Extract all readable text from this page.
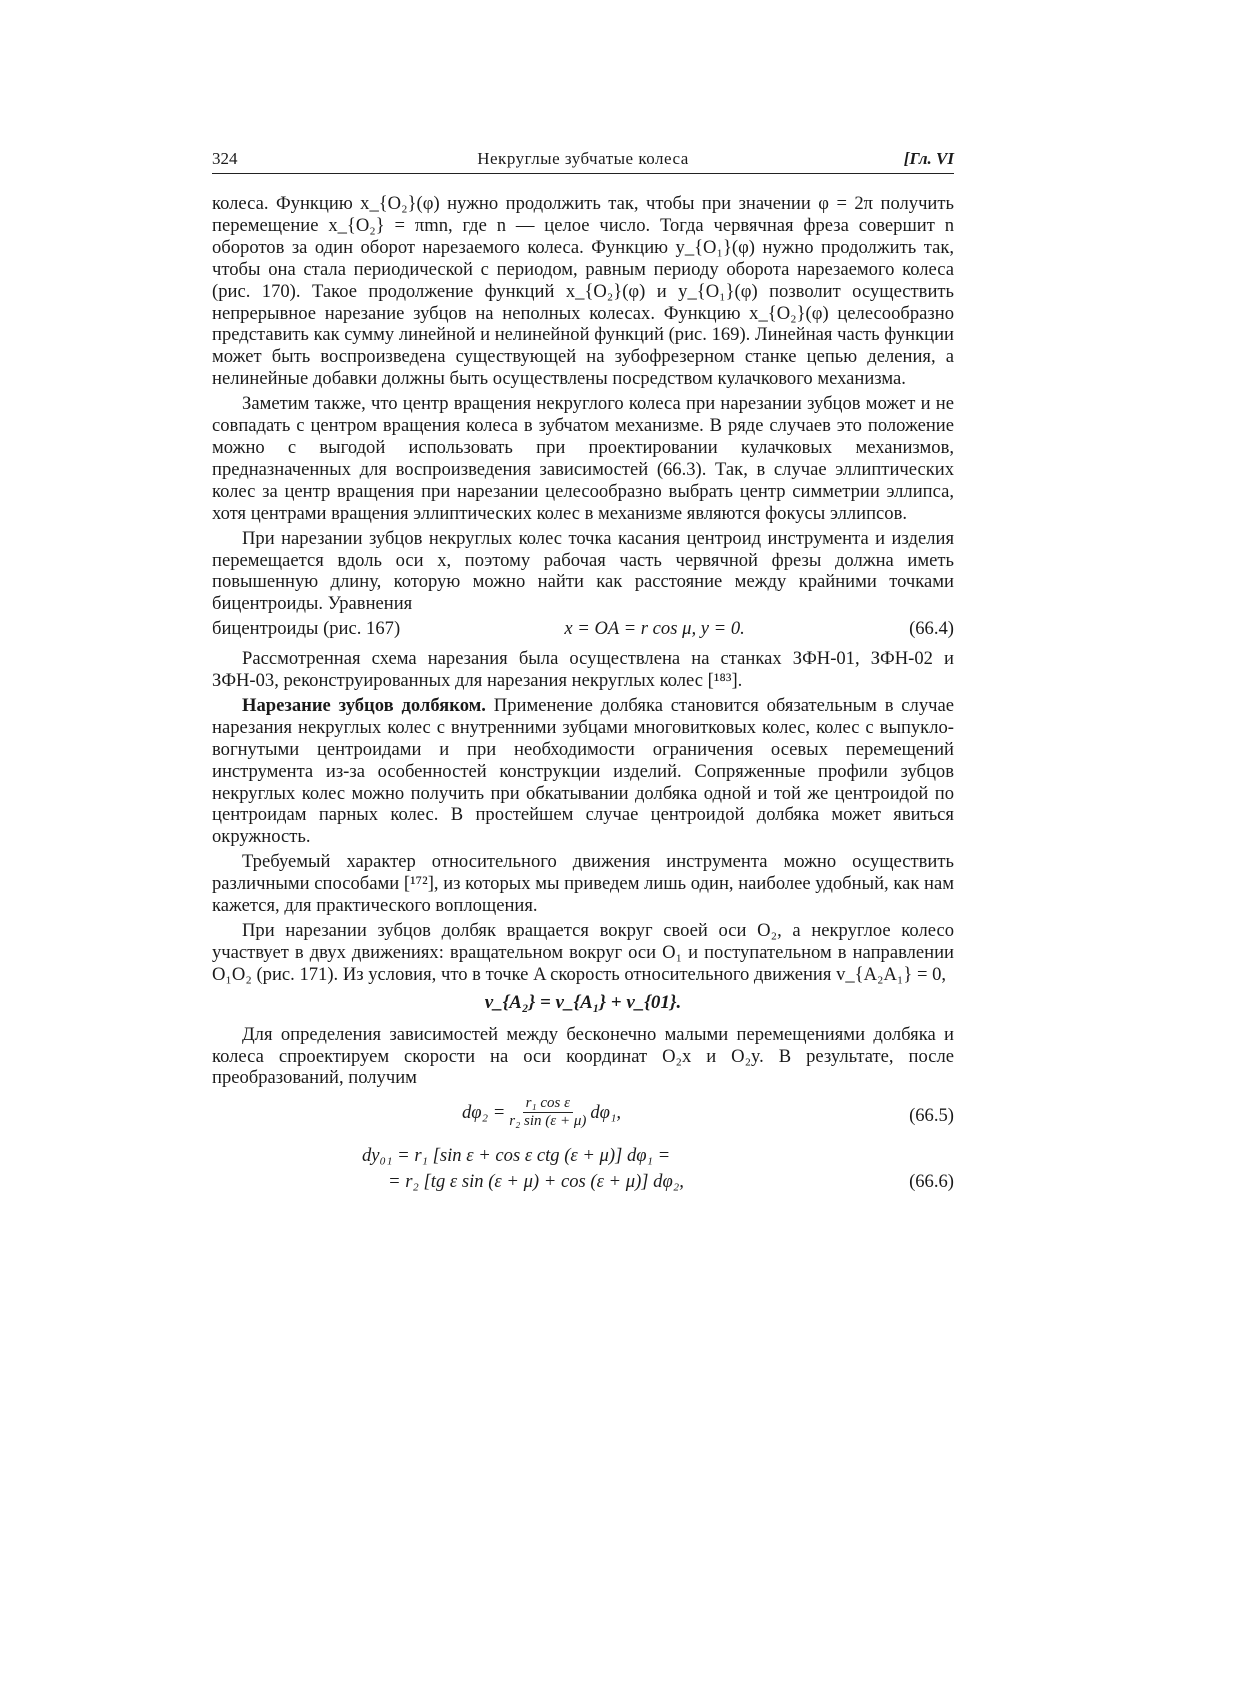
324	Некруглые зубчатые колеса	[Гл. VI

колеса. Функцию x_{O₂}(φ) нужно продолжить так, чтобы при значении φ = 2π получить перемещение x_{O₂} = πmn, где n — целое число. Тогда червячная фреза совершит n оборотов за один оборот нарезаемого колеса. Функцию y_{O₁}(φ) нужно продолжить так, чтобы она стала периодической с периодом, равным периоду оборота нарезаемого колеса (рис. 170). Такое продолжение функций x_{O₂}(φ) и y_{O₁}(φ) позволит осуществить непрерывное нарезание зубцов на неполных колесах. Функцию x_{O₂}(φ) целесообразно представить как сумму линейной и нелинейной функций (рис. 169). Линейная часть функции может быть воспроизведена существующей на зубофрезерном станке цепью деления, а нелинейные добавки должны быть осуществлены посредством кулачкового механизма.

Заметим также, что центр вращения некруглого колеса при нарезании зубцов может и не совпадать с центром вращения колеса в зубчатом механизме. В ряде случаев это положение можно с выгодой использовать при проектировании кулачковых механизмов, предназначенных для воспроизведения зависимостей (66.3). Так, в случае эллиптических колес за центр вращения при нарезании целесообразно выбрать центр симметрии эллипса, хотя центрами вращения эллиптических колес в механизме являются фокусы эллипсов.

При нарезании зубцов некруглых колес точка касания центроид инструмента и изделия перемещается вдоль оси x, поэтому рабочая часть червячной фрезы должна иметь повышенную длину, которую можно найти как расстояние между крайними точками бицентроиды. Уравнения

бицентроиды (рис. 167)	x = OA = r cos μ, y = 0.	(66.4)

Рассмотренная схема нарезания была осуществлена на станках ЗФН-01, ЗФН-02 и ЗФН-03, реконструированных для нарезания некруглых колес [¹⁸³].

Нарезание зубцов долбяком. Применение долбяка становится обязательным в случае нарезания некруглых колес с внутренними зубцами многовитковых колес, колес с выпукло-вогнутыми центроидами и при необходимости ограничения осевых перемещений инструмента из-за особенностей конструкции изделий. Сопряженные профили зубцов некруглых колес можно получить при обкатывании долбяка одной и той же центроидой по центроидам парных колес. В простейшем случае центроидой долбяка может явиться окружность.

Требуемый характер относительного движения инструмента можно осуществить различными способами [¹⁷²], из которых мы приведем лишь один, наиболее удобный, как нам кажется, для практического воплощения.

При нарезании зубцов долбяк вращается вокруг своей оси O₂, а некруглое колесо участвует в двух движениях: вращательном вокруг оси O₁ и поступательном в направлении O₁O₂ (рис. 171). Из условия, что в точке A скорость относительного движения v_{A₂A₁} = 0,

v_{A₂} = v_{A₁} + v_{01}.

Для определения зависимостей между бесконечно малыми перемещениями долбяка и колеса спроектируем скорости на оси координат O₂x и O₂y. В результате, после преобразований, получим

$d\varphi_2 = \frac{\text{r₁ cos ε}}{\text{r₂ sin (ε + μ)}} d\varphi_1$,	(66.5)
dy₀₁ = r₁ [sin ε + cos ε ctg (ε + μ)] dφ₁ =
= r₂ [tg ε sin (ε + μ) + cos (ε + μ)] dφ₂,	(66.6)
